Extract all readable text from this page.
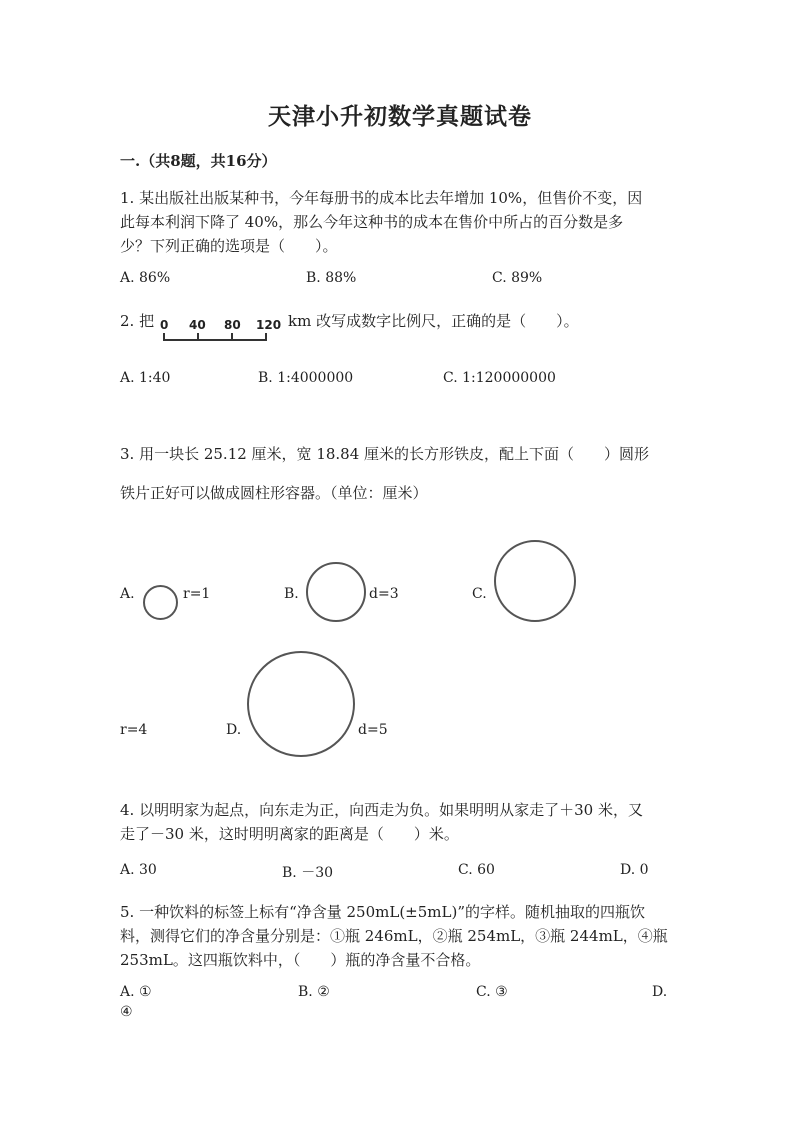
天津小升初数学真题试卷
一.（共8题，共16分）
1. 某出版社出版某种书，今年每册书的成本比去年增加 10%，但售价不变，因
此每本利润下降了 40%，那么今年这种书的成本在售价中所占的百分数是多
少？下列正确的选项是（　　）。
A. 86%	B. 88%	C. 89%
2. 把 0 40 80 120 km 改写成数字比例尺，正确的是（　　）。
A. 1:40	B. 1:4000000	C. 1:120000000
3. 用一块长 25.12 厘米，宽 18.84 厘米的长方形铁皮，配上下面（　　）圆形
铁片正好可以做成圆柱形容器。（单位：厘米）
A.	r=1	B.	d=3	C.
r=4	D.	d=5
4. 以明明家为起点，向东走为正，向西走为负。如果明明从家走了＋30 米，又
走了－30 米，这时明明离家的距离是（　　）米。
A. 30	B. －30	C. 60	D. 0
5. 一种饮料的标签上标有“净含量 250mL(±5mL)”的字样。随机抽取的四瓶饮
料，测得它们的净含量分别是：①瓶 246mL，②瓶 254mL，③瓶 244mL，④瓶
253mL。这四瓶饮料中，（　　）瓶的净含量不合格。
A. ①	B. ②	C. ③	D.
④
